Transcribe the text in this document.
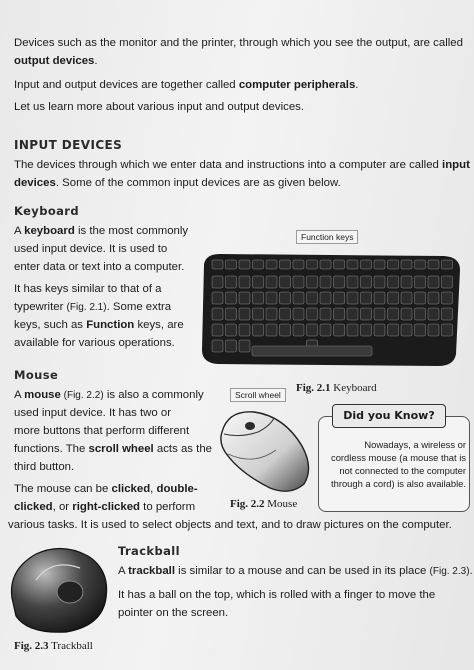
Devices such as the monitor and the printer, through which you see the output, are called
output devices.
Input and output devices are together called computer peripherals.
Let us learn more about various input and output devices.
INPUT DEVICES
The devices through which we enter data and instructions into a computer are called input
devices. Some of the common input devices are as given below.
Keyboard
A keyboard is the most commonly
used input device. It is used to
enter data or text into a computer.
It has keys similar to that of a
typewriter (Fig. 2.1). Some extra
keys, such as Function keys, are
available for various operations.
Function keys
Fig. 2.1 Keyboard
Mouse
A mouse (Fig. 2.2) is also a commonly
used input device. It has two or
more buttons that perform different
functions. The scroll wheel acts as the
third button.
The mouse can be clicked, double-
clicked, or right-clicked to perform
various tasks. It is used to select objects and text, and to draw pictures on the computer.
Scroll wheel
Fig. 2.2 Mouse
Did you Know?
Nowadays, a wireless or
cordless mouse (a mouse that is
not connected to the computer
through a cord) is also available.
Trackball
A trackball is similar to a mouse and can be used in its place (Fig. 2.3).
It has a ball on the top, which is rolled with a finger to move the
pointer on the screen.
Fig. 2.3 Trackball
